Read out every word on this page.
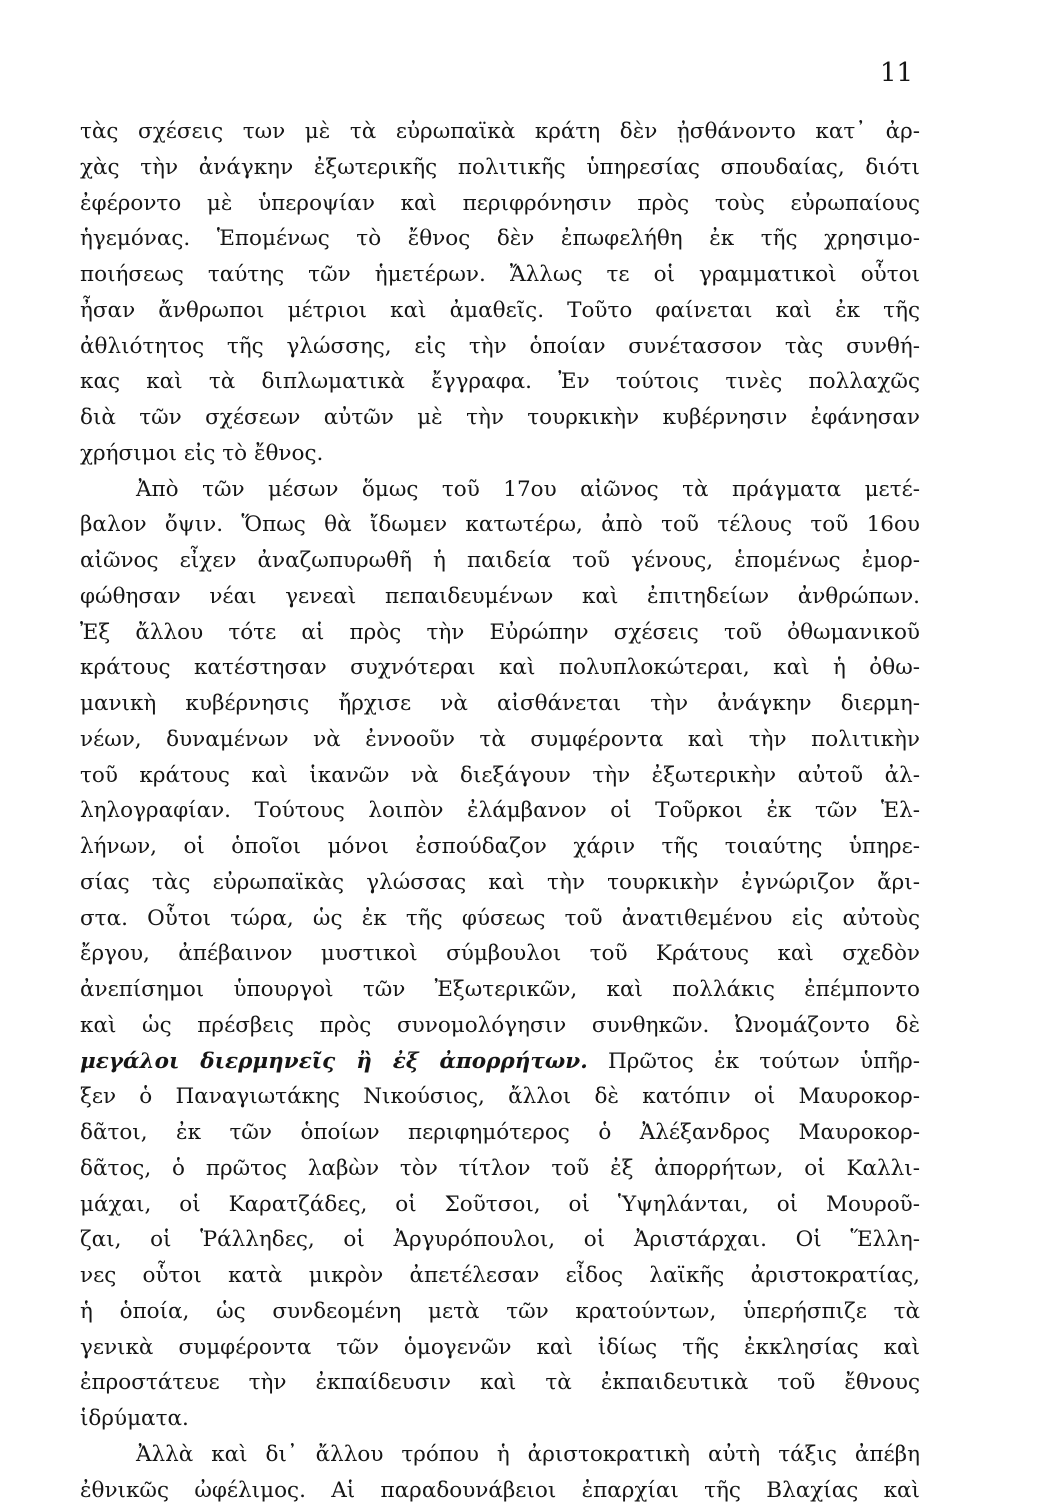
11
τὰς σχέσεις των μὲ τὰ εὐρωπαϊκὰ κράτη δὲν ᾐσθάνοντο κατ᾽ ἀρ-
χὰς τὴν ἀνάγκην ἐξωτερικῆς πολιτικῆς ὑπηρεσίας σπουδαίας, διότι
ἐφέροντο μὲ ὑπεροψίαν καὶ περιφρόνησιν πρὸς τοὺς εὐρωπαίους
ἡγεμόνας. Ἑπομένως τὸ ἔθνος δὲν ἐπωφελήθη ἐκ τῆς χρησιμο-
ποιήσεως ταύτης τῶν ἡμετέρων. Ἄλλως τε οἱ γραμματικοὶ οὗτοι
ἦσαν ἄνθρωποι μέτριοι καὶ ἀμαθεῖς. Τοῦτο φαίνεται καὶ ἐκ τῆς
ἀθλιότητος τῆς γλώσσης, εἰς τὴν ὁποίαν συνέτασσον τὰς συνθή-
κας καὶ τὰ διπλωματικὰ ἔγγραφα. Ἐν τούτοις τινὲς πολλαχῶς
διὰ τῶν σχέσεων αὐτῶν μὲ τὴν τουρκικὴν κυβέρνησιν ἐφάνησαν
χρήσιμοι εἰς τὸ ἔθνος.
Ἀπὸ τῶν μέσων ὅμως τοῦ 17ου αἰῶνος τὰ πράγματα μετέ-
βαλον ὄψιν. Ὅπως θὰ ἴδωμεν κατωτέρω, ἀπὸ τοῦ τέλους τοῦ 16ου
αἰῶνος εἶχεν ἀναζωπυρωθῆ ἡ παιδεία τοῦ γένους, ἑπομένως ἐμορ-
φώθησαν νέαι γενεαὶ πεπαιδευμένων καὶ ἐπιτηδείων ἀνθρώπων.
Ἐξ ἄλλου τότε αἱ πρὸς τὴν Εὐρώπην σχέσεις τοῦ ὀθωμανικοῦ
κράτους κατέστησαν συχνότεραι καὶ πολυπλοκώτεραι, καὶ ἡ ὀθω-
μανικὴ κυβέρνησις ἤρχισε νὰ αἰσθάνεται τὴν ἀνάγκην διερμη-
νέων, δυναμένων νὰ ἐννοοῦν τὰ συμφέροντα καὶ τὴν πολιτικὴν
τοῦ κράτους καὶ ἱκανῶν νὰ διεξάγουν τὴν ἐξωτερικὴν αὐτοῦ ἀλ-
ληλογραφίαν. Τούτους λοιπὸν ἐλάμβανον οἱ Τοῦρκοι ἐκ τῶν Ἑλ-
λήνων, οἱ ὁποῖοι μόνοι ἐσπούδαζον χάριν τῆς τοιαύτης ὑπηρε-
σίας τὰς εὐρωπαϊκὰς γλώσσας καὶ τὴν τουρκικὴν ἐγνώριζον ἄρι-
στα. Οὗτοι τώρα, ὡς ἐκ τῆς φύσεως τοῦ ἀνατιθεμένου εἰς αὐτοὺς
ἔργου, ἀπέβαινον μυστικοὶ σύμβουλοι τοῦ Κράτους καὶ σχεδὸν
ἀνεπίσημοι ὑπουργοὶ τῶν Ἐξωτερικῶν, καὶ πολλάκις ἐπέμποντο
καὶ ὡς πρέσβεις πρὸς συνομολόγησιν συνθηκῶν. Ὠνομάζοντο δὲ
μεγάλοι διερμηνεῖς ἢ ἐξ ἀπορρήτων. Πρῶτος ἐκ τούτων ὑπῆρ-
ξεν ὁ Παναγιωτάκης Νικούσιος, ἄλλοι δὲ κατόπιν οἱ Μαυροκορ-
δᾶτοι, ἐκ τῶν ὁποίων περιφημότερος ὁ Ἀλέξανδρος Μαυροκορ-
δᾶτος, ὁ πρῶτος λαβὼν τὸν τίτλον τοῦ ἐξ ἀπορρήτων, οἱ Καλλι-
μάχαι, οἱ Καρατζάδες, οἱ Σοῦτσοι, οἱ Ὑψηλάνται, οἱ Μουροῦ-
ζαι, οἱ Ῥάλληδες, οἱ Ἀργυρόπουλοι, οἱ Ἀριστάρχαι. Οἱ Ἕλλη-
νες οὗτοι κατὰ μικρὸν ἀπετέλεσαν εἶδος λαϊκῆς ἀριστοκρατίας,
ἡ ὁποία, ὡς συνδεομένη μετὰ τῶν κρατούντων, ὑπερήσπιζε τὰ
γενικὰ συμφέροντα τῶν ὁμογενῶν καὶ ἰδίως τῆς ἐκκλησίας καὶ
ἐπροστάτευε τὴν ἐκπαίδευσιν καὶ τὰ ἐκπαιδευτικὰ τοῦ ἔθνους
ἱδρύματα.
Ἀλλὰ καὶ δι᾽ ἄλλου τρόπου ἡ ἀριστοκρατικὴ αὐτὴ τάξις ἀπέβη
ἐθνικῶς ὠφέλιμος. Αἱ παραδουνάβειοι ἐπαρχίαι τῆς Βλαχίας καὶ
